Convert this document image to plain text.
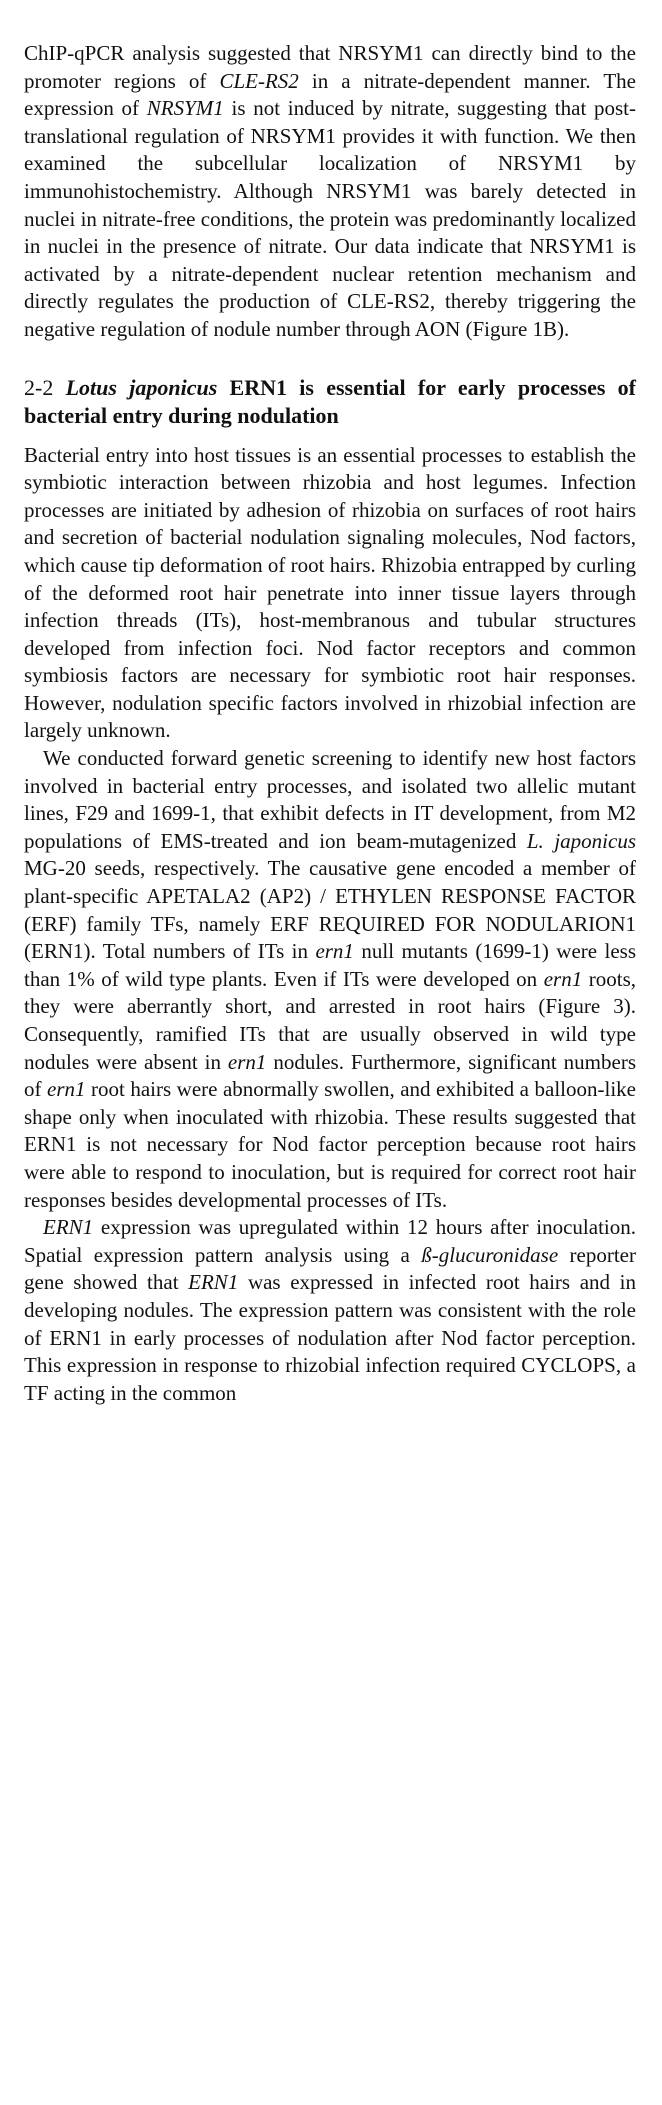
ChIP-qPCR analysis suggested that NRSYM1 can directly bind to the promoter regions of CLE-RS2 in a nitrate-dependent manner. The expression of NRSYM1 is not induced by nitrate, suggesting that post-translational regulation of NRSYM1 provides it with function. We then examined the subcellular localization of NRSYM1 by immunohistochemistry. Although NRSYM1 was barely detected in nuclei in nitrate-free conditions, the protein was predominantly localized in nuclei in the presence of nitrate. Our data indicate that NRSYM1 is activated by a nitrate-dependent nuclear retention mechanism and directly regulates the production of CLE-RS2, thereby triggering the negative regulation of nodule number through AON (Figure 1B).

2-2 Lotus japonicus ERN1 is essential for early processes of bacterial entry during nodulation

Bacterial entry into host tissues is an essential processes to establish the symbiotic interaction between rhizobia and host legumes. Infection processes are initiated by adhesion of rhizobia on surfaces of root hairs and secretion of bacterial nodulation signaling molecules, Nod factors, which cause tip deformation of root hairs. Rhizobia entrapped by curling of the deformed root hair penetrate into inner tissue layers through infection threads (ITs), host-membranous and tubular structures developed from infection foci. Nod factor receptors and common symbiosis factors are necessary for symbiotic root hair responses. However, nodulation specific factors involved in rhizobial infection are largely unknown.

We conducted forward genetic screening to identify new host factors involved in bacterial entry processes, and isolated two allelic mutant lines, F29 and 1699-1, that exhibit defects in IT development, from M2 populations of EMS-treated and ion beam-mutagenized L. japonicus MG-20 seeds, respectively. The causative gene encoded a member of plant-specific APETALA2 (AP2) / ETHYLEN RESPONSE FACTOR (ERF) family TFs, namely ERF REQUIRED FOR NODULARION1 (ERN1). Total numbers of ITs in ern1 null mutants (1699-1) were less than 1% of wild type plants. Even if ITs were developed on ern1 roots, they were aberrantly short, and arrested in root hairs (Figure 3). Consequently, ramified ITs that are usually observed in wild type nodules were absent in ern1 nodules. Furthermore, significant numbers of ern1 root hairs were abnormally swollen, and exhibited a balloon-like shape only when inoculated with rhizobia. These results suggested that ERN1 is not necessary for Nod factor perception because root hairs were able to respond to inoculation, but is required for correct root hair responses besides developmental processes of ITs.

ERN1 expression was upregulated within 12 hours after inoculation. Spatial expression pattern analysis using a ß-glucuronidase reporter gene showed that ERN1 was expressed in infected root hairs and in developing nodules. The expression pattern was consistent with the role of ERN1 in early processes of nodulation after Nod factor perception. This expression in response to rhizobial infection required CYCLOPS, a TF acting in the common
